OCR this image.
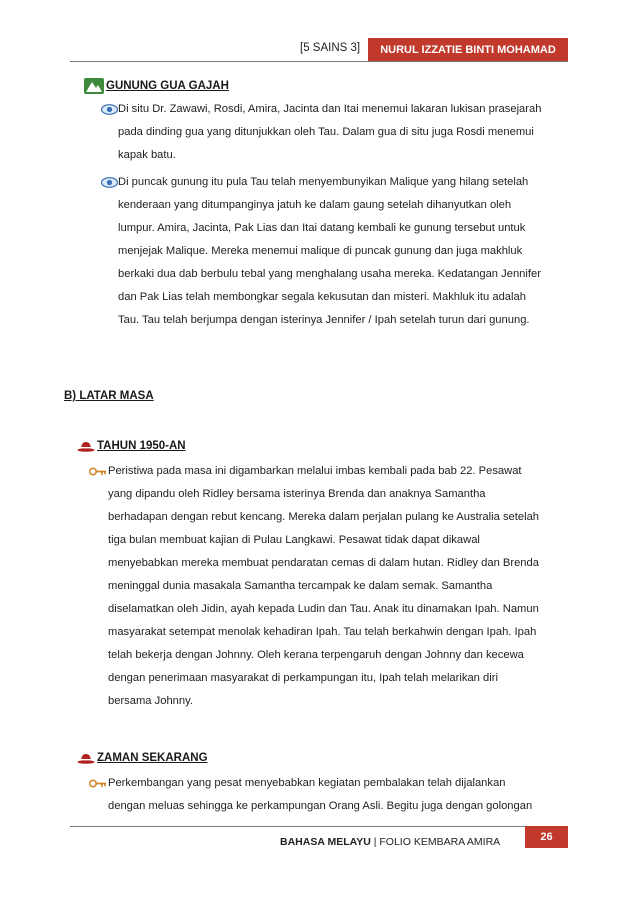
[5 SAINS 3]	NURUL IZZATIE BINTI MOHAMAD
GUNUNG GUA GAJAH
Di situ Dr. Zawawi, Rosdi, Amira, Jacinta dan Itai menemui lakaran lukisan prasejarah
pada dinding gua yang ditunjukkan oleh Tau. Dalam gua di situ juga Rosdi menemui
kapak batu.
Di puncak gunung itu pula Tau telah menyembunyikan Malique yang hilang setelah
kenderaan yang ditumpanginya jatuh ke dalam gaung setelah dihanyutkan oleh
lumpur. Amira, Jacinta, Pak Lias dan Itai datang kembali ke gunung tersebut untuk
menjejak Malique. Mereka menemui malique di puncak gunung dan juga makhluk
berkaki dua dab berbulu tebal yang menghalang usaha mereka. Kedatangan Jennifer
dan Pak Lias telah membongkar segala kekusutan dan misteri. Makhluk itu adalah
Tau. Tau telah berjumpa dengan isterinya Jennifer / Ipah setelah turun dari gunung.
B) LATAR MASA
TAHUN 1950-AN
Peristiwa pada masa ini digambarkan melalui imbas kembali pada bab 22. Pesawat
yang dipandu oleh Ridley bersama isterinya Brenda dan anaknya Samantha
berhadapan dengan rebut kencang. Mereka dalam perjalan pulang ke Australia setelah
tiga bulan membuat kajian di Pulau Langkawi. Pesawat tidak dapat dikawal
menyebabkan mereka membuat pendaratan cemas di dalam hutan. Ridley dan Brenda
meninggal dunia masakala Samantha tercampak ke dalam semak. Samantha
diselamatkan oleh Jidin, ayah kepada Ludin dan Tau. Anak itu dinamakan Ipah. Namun
masyarakat setempat menolak kehadiran Ipah. Tau telah berkahwin dengan Ipah. Ipah
telah bekerja dengan Johnny. Oleh kerana terpengaruh dengan Johnny dan kecewa
dengan penerimaan masyarakat di perkampungan itu, Ipah telah melarikan diri
bersama Johnny.
ZAMAN SEKARANG
Perkembangan yang pesat menyebabkan kegiatan pembalakan telah dijalankan
dengan meluas sehingga ke perkampungan Orang Asli. Begitu juga dengan golongan
BAHASA MELAYU | FOLIO KEMBARA AMIRA	26
